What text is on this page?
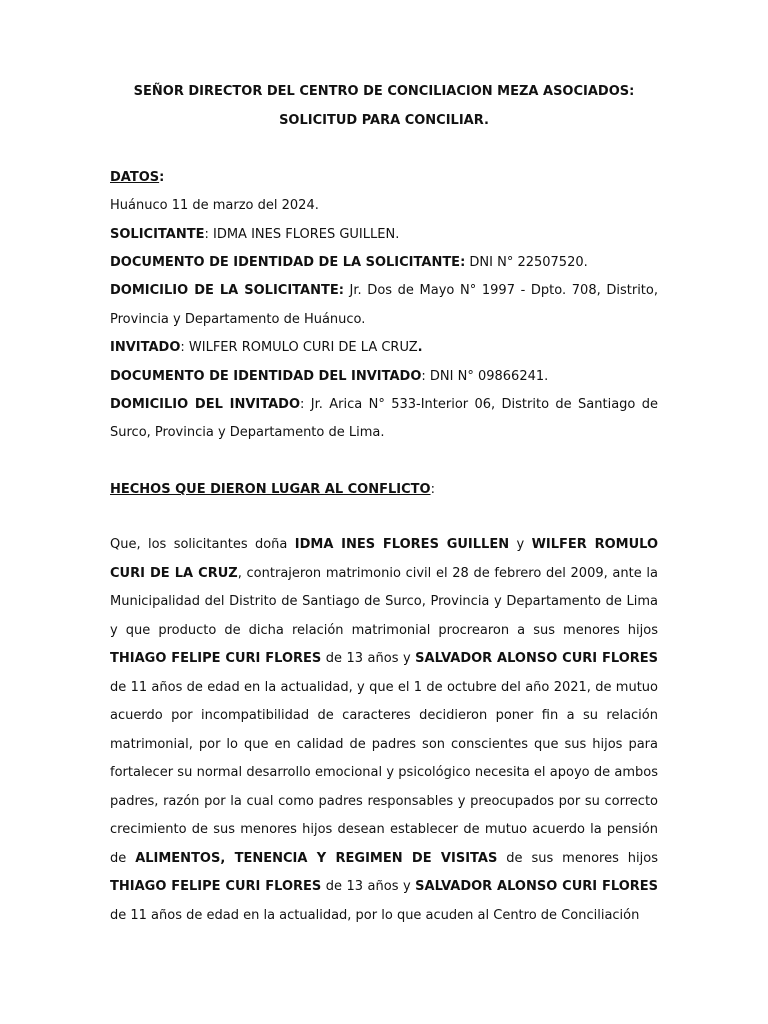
SEÑOR DIRECTOR DEL CENTRO DE CONCILIACION MEZA ASOCIADOS:
SOLICITUD PARA CONCILIAR.
DATOS:
Huánuco 11 de marzo del 2024.
SOLICITANTE: IDMA INES FLORES GUILLEN.
DOCUMENTO DE IDENTIDAD DE LA SOLICITANTE: DNI N° 22507520.
DOMICILIO DE LA SOLICITANTE: Jr. Dos de Mayo N° 1997 - Dpto. 708, Distrito,
Provincia y Departamento de Huánuco.
INVITADO: WILFER ROMULO CURI DE LA CRUZ.
DOCUMENTO DE IDENTIDAD DEL INVITADO: DNI N° 09866241.
DOMICILIO DEL INVITADO: Jr. Arica N° 533-Interior 06, Distrito de Santiago de
Surco, Provincia y Departamento de Lima.
HECHOS QUE DIERON LUGAR AL CONFLICTO:
Que, los solicitantes doña IDMA INES FLORES GUILLEN y WILFER ROMULO CURI DE LA CRUZ, contrajeron matrimonio civil el 28 de febrero del 2009, ante la Municipalidad del Distrito de Santiago de Surco, Provincia y Departamento de Lima y que producto de dicha relación matrimonial procrearon a sus menores hijos THIAGO FELIPE CURI FLORES de 13 años y SALVADOR ALONSO CURI FLORES de 11 años de edad en la actualidad, y que el 1 de octubre del año 2021, de mutuo acuerdo por incompatibilidad de caracteres decidieron poner fin a su relación matrimonial, por lo que en calidad de padres son conscientes que sus hijos para fortalecer su normal desarrollo emocional y psicológico necesita el apoyo de ambos padres, razón por la cual como padres responsables y preocupados por su correcto crecimiento de sus menores hijos desean establecer de mutuo acuerdo la pensión de ALIMENTOS, TENENCIA Y REGIMEN DE VISITAS de sus menores hijos THIAGO FELIPE CURI FLORES de 13 años y SALVADOR ALONSO CURI FLORES de 11 años de edad en la actualidad, por lo que acuden al Centro de Conciliación
